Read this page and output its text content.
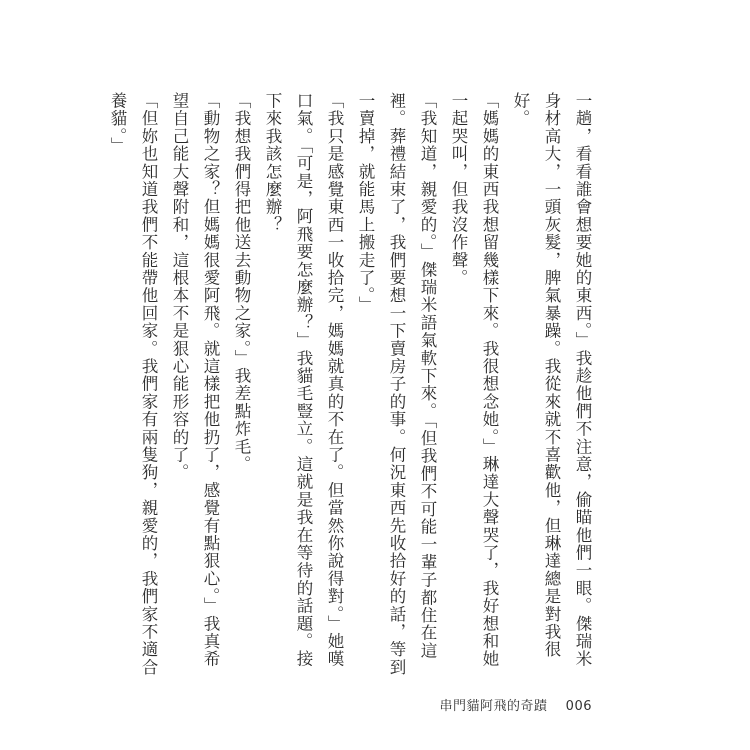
一趟，看看誰會想要她的東西。」我趁他們不注意，偷瞄他們一眼。傑瑞米身材高大，一頭灰髮，脾氣暴躁。我從來就不喜歡他，但琳達總是對我很好。

「媽媽的東西我想留幾樣下來。我很想念她。」琳達大聲哭了，我好想和她一起哭叫，但我沒作聲。

「我知道，親愛的。」傑瑞米語氣軟下來。「但我們不可能一輩子都住在這裡。葬禮結束了，我們要想一下賣房子的事。何況東西先收拾好的話，等到一賣掉，就能馬上搬走了。」

「我只是感覺東西一收拾完，媽媽就真的不在了。但當然你說得對。」她嘆口氣。「可是，阿飛要怎麼辦？」我貓毛豎立。這就是我在等待的話題。接下來我該怎麼辦？

「我想我們得把他送去動物之家。」我差點炸毛。

「動物之家？但媽媽很愛阿飛。就這樣把他扔了，感覺有點狠心。」我真希望自己能大聲附和，這根本不是狠心能形容的了。

「但妳也知道我們不能帶他回家。我們家有兩隻狗，親愛的，我們家不適合養貓。」

串門貓阿飛的奇蹟 006
